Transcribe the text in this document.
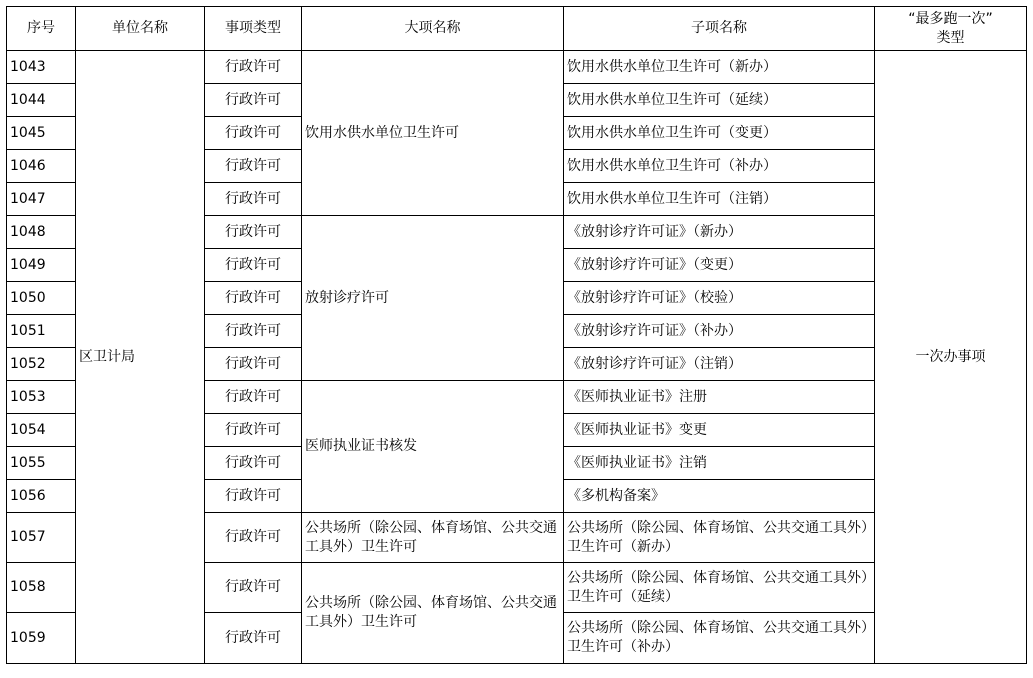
序号	单位名称	事项类型	大项名称	子项名称	“最多跑一次”
类型

1043	区卫计局	行政许可	饮用水供水单位卫生许可	饮用水供水单位卫生许可（新办）	一次办事项
1044		行政许可		饮用水供水单位卫生许可（延续）	
1045		行政许可		饮用水供水单位卫生许可（变更）	
1046		行政许可		饮用水供水单位卫生许可（补办）	
1047		行政许可		饮用水供水单位卫生许可（注销）	
1048		行政许可	放射诊疗许可	《放射诊疗许可证》（新办）	
1049		行政许可		《放射诊疗许可证》（变更）	
1050		行政许可		《放射诊疗许可证》（校验）	
1051		行政许可		《放射诊疗许可证》（补办）	
1052		行政许可		《放射诊疗许可证》（注销）	
1053		行政许可	医师执业证书核发	《医师执业证书》注册	
1054		行政许可		《医师执业证书》变更	
1055		行政许可		《医师执业证书》注销	
1056		行政许可		《多机构备案》	
1057		行政许可	公共场所（除公园、体育场馆、公共交通工具外）卫生许可	公共场所（除公园、体育场馆、公共交通工具外）卫生许可（新办）	
1058		行政许可	公共场所（除公园、体育场馆、公共交通工具外）卫生许可	公共场所（除公园、体育场馆、公共交通工具外）卫生许可（延续）	
1059		行政许可		公共场所（除公园、体育场馆、公共交通工具外）卫生许可（补办）	
